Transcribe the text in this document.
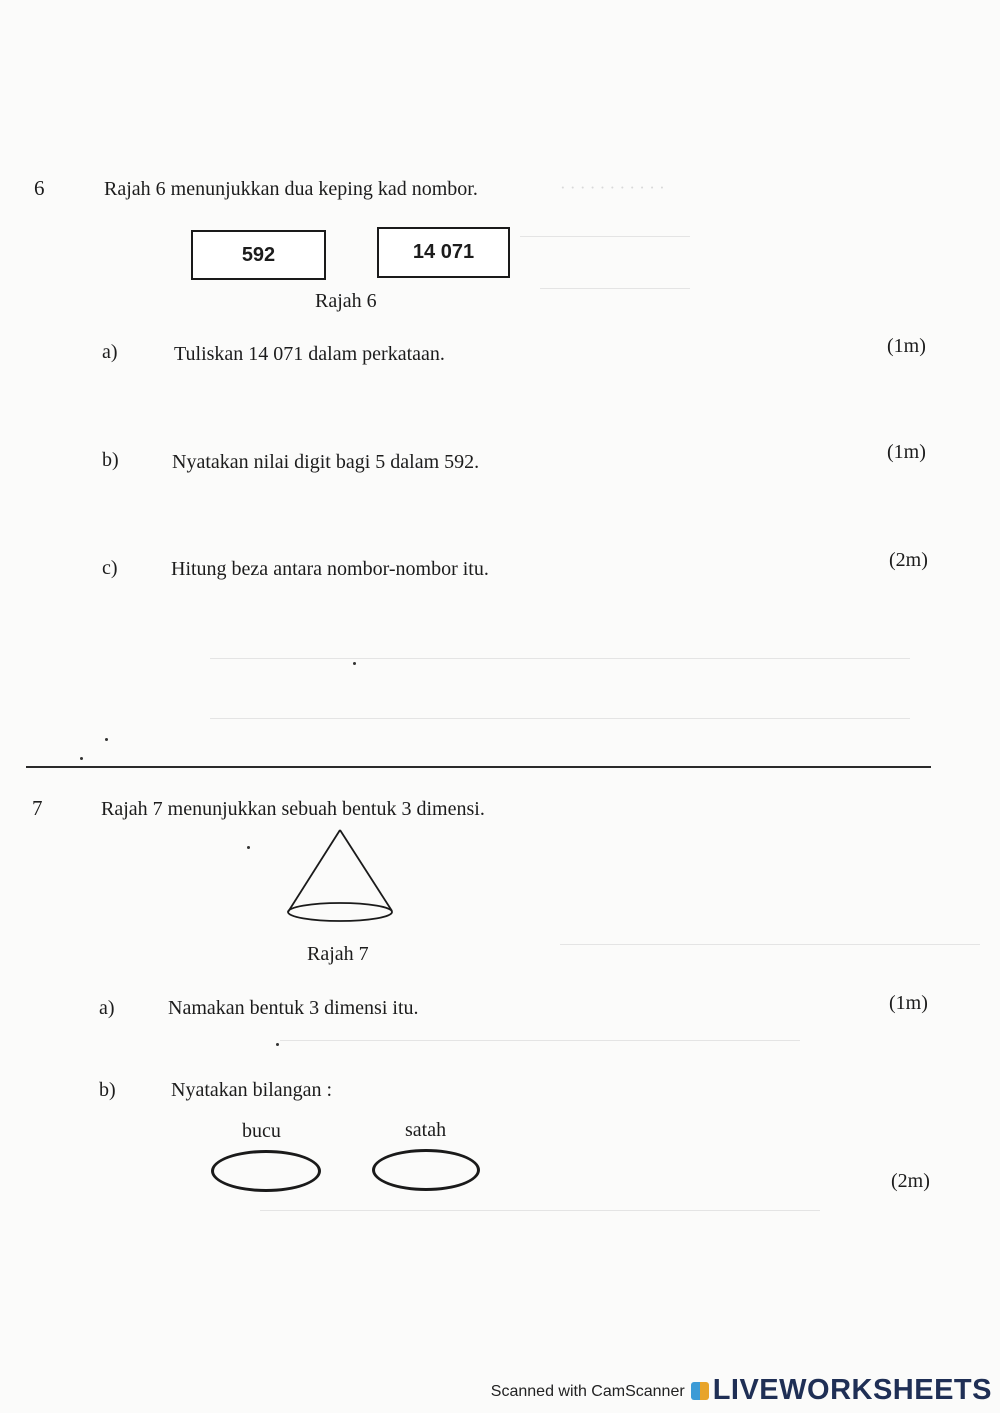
· · · · · · · · · · ·
6	Rajah 6 menunjukkan dua keping kad nombor.
592	14 071
Rajah 6
a)	Tuliskan 14 071 dalam perkataan.	(1m)
b)	Nyatakan nilai digit bagi 5 dalam 592.	(1m)
c)	Hitung beza antara nombor-nombor itu.	(2m)
7	Rajah 7 menunjukkan sebuah bentuk 3 dimensi.
Rajah 7
a)	Namakan bentuk 3 dimensi itu.	(1m)
b)	Nyatakan bilangan :
bucu	satah
(2m)
Scanned with CamScanner LIVEWORKSHEETS
